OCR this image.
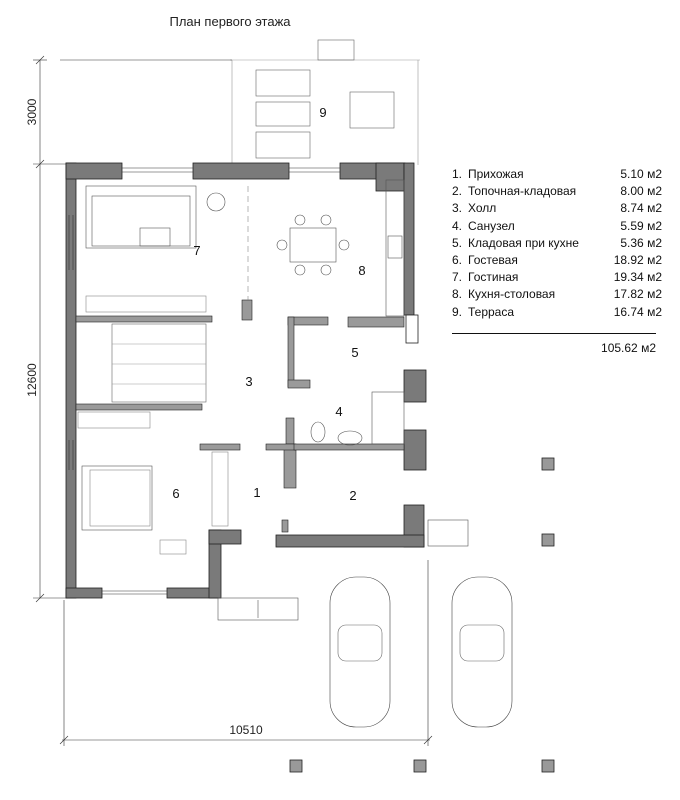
План первого этажа
3000
12600
10510
1	2
3
4
5
6
7
8
9
1. Прихожая	5.10 м2
2. Топочная-кладовая	8.00 м2
3. Холл	8.74 м2
4. Санузел	5.59 м2
5. Кладовая при кухне	5.36 м2
6. Гостевая	18.92 м2
7. Гостиная	19.34 м2
8. Кухня-столовая	17.82 м2
9. Терраса	16.74 м2
105.62 м2
